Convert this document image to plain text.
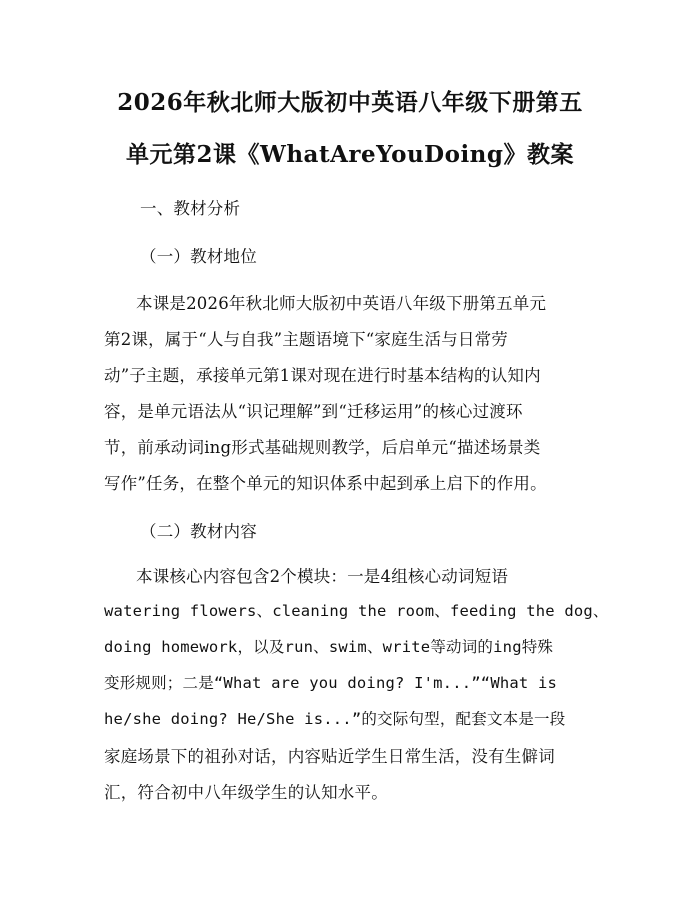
2026年秋北师大版初中英语八年级下册第五
单元第2课《WhatAreYouDoing》教案
一、教材分析
（一）教材地位
本课是2026年秋北师大版初中英语八年级下册第五单元
第2课，属于“人与自我”主题语境下“家庭生活与日常劳
动”子主题，承接单元第1课对现在进行时基本结构的认知内
容，是单元语法从“识记理解”到“迁移运用”的核心过渡环
节，前承动词ing形式基础规则教学，后启单元“描述场景类
写作”任务，在整个单元的知识体系中起到承上启下的作用。
（二）教材内容
本课核心内容包含2个模块：一是4组核心动词短语
watering flowers、cleaning the room、feeding the dog、
doing homework，以及run、swim、write等动词的ing特殊
变形规则；二是“What are you doing? I'm...”“What is
he/she doing? He/She is...”的交际句型，配套文本是一段
家庭场景下的祖孙对话，内容贴近学生日常生活，没有生僻词
汇，符合初中八年级学生的认知水平。
